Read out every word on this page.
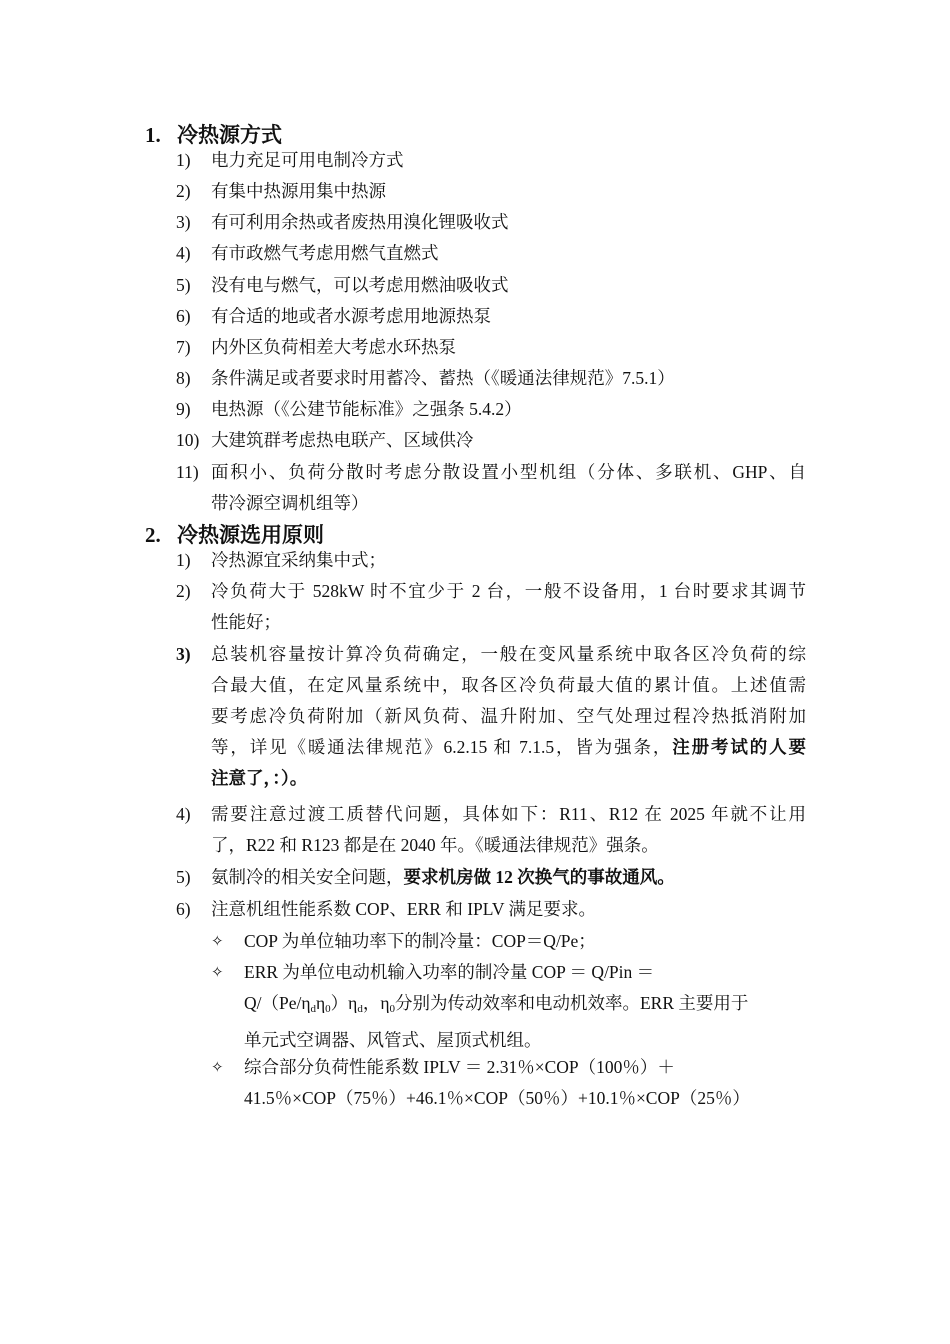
1. 冷热源方式
1)	电力充足可用电制冷方式
2)	有集中热源用集中热源
3)	有可利用余热或者废热用溴化锂吸收式
4)	有市政燃气考虑用燃气直燃式
5)	没有电与燃气，可以考虑用燃油吸收式
6)	有合适的地或者水源考虑用地源热泵
7)	内外区负荷相差大考虑水环热泵
8)	条件满足或者要求时用蓄冷、蓄热（《暖通法律规范》7.5.1）
9)	电热源（《公建节能标准》之强条 5.4.2）
10) 大建筑群考虑热电联产、区域供冷
11) 面积小、负荷分散时考虑分散设置小型机组（分体、多联机、GHP、自
带冷源空调机组等）
2. 冷热源选用原则
1)	冷热源宜采纳集中式；
2)	冷负荷大于 528kW 时不宜少于 2 台，一般不设备用，1 台时要求其调节
性能好；
3)	总装机容量按计算冷负荷确定，一般在变风量系统中取各区冷负荷的综
合最大值，在定风量系统中，取各区冷负荷最大值的累计值。上述值需
要考虑冷负荷附加（新风负荷、温升附加、空气处理过程冷热抵消附加
等，详见《暖通法律规范》6.2.15 和 7.1.5，皆为强条，注册考试的人要
注意了，：）。
4)	需要注意过渡工质替代问题，具体如下：R11、R12 在 2025 年就不让用
了，R22 和 R123 都是在 2040 年。《暖通法律规范》强条。
5)	氨制冷的相关安全问题，要求机房做 12 次换气的事故通风。
6)	注意机组性能系数 COP、ERR 和 IPLV 满足要求。
✧	COP 为单位轴功率下的制冷量：COP＝Q/Pe；
✧	ERR 为单位电动机输入功率的制冷量 COP ＝ Q/Pin ＝
$Q/(Pe/\eta_d\eta_0)\eta_d$，$\eta_0$分别为传动效率和电动机效率。ERR 主要用于
单元式空调器、风管式、屋顶式机组。
✧	综合部分负荷性能系数 IPLV ＝ 2.31％×COP（100％）＋
41.5％×COP（75％）+46.1％×COP（50％）+10.1％×COP（25％）
